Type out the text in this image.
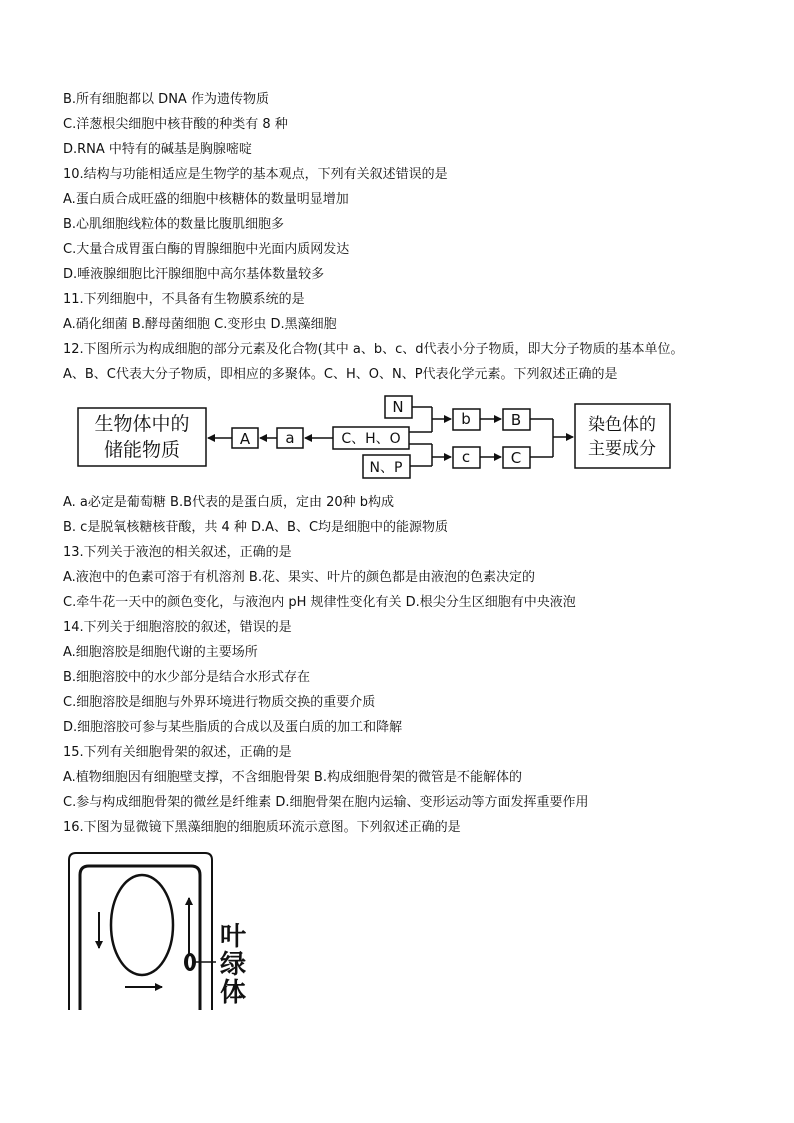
B.所有细胞都以 DNA 作为遗传物质
C.洋葱根尖细胞中核苷酸的种类有 8 种
D.RNA 中特有的碱基是胸腺嘧啶
10.结构与功能相适应是生物学的基本观点，下列有关叙述错误的是
A.蛋白质合成旺盛的细胞中核糖体的数量明显增加
B.心肌细胞线粒体的数量比腹肌细胞多
C.大量合成胃蛋白酶的胃腺细胞中光面内质网发达
D.唾液腺细胞比汗腺细胞中高尔基体数量较多
11.下列细胞中，不具备有生物膜系统的是
A.硝化细菌 B.酵母菌细胞 C.变形虫 D.黑藻细胞
12.下图所示为构成细胞的部分元素及化合物(其中 a、b、c、d代表小分子物质，即大分子物质的基本单位。
A、B、C代表大分子物质，即相应的多聚体。C、H、O、N、P代表化学元素。下列叙述正确的是
生物体中的
储能物质	A a	C、H、O
N
N、P
b	B
c	C
染色体的
主要成分
叶
绿
体
A. a必定是葡萄糖 B.B代表的是蛋白质，定由 20种 b构成
B. c是脱氧核糖核苷酸，共 4 种 D.A、B、C均是细胞中的能源物质
13.下列关于液泡的相关叙述，正确的是
A.液泡中的色素可溶于有机溶剂 B.花、果实、叶片的颜色都是由液泡的色素决定的
C.牵牛花一天中的颜色变化，与液泡内 pH 规律性变化有关 D.根尖分生区细胞有中央液泡
14.下列关于细胞溶胶的叙述，错误的是
A.细胞溶胶是细胞代谢的主要场所
B.细胞溶胶中的水少部分是结合水形式存在
C.细胞溶胶是细胞与外界环境进行物质交换的重要介质
D.细胞溶胶可参与某些脂质的合成以及蛋白质的加工和降解
15.下列有关细胞骨架的叙述，正确的是
A.植物细胞因有细胞壁支撑，不含细胞骨架 B.构成细胞骨架的微管是不能解体的
C.参与构成细胞骨架的微丝是纤维素 D.细胞骨架在胞内运输、变形运动等方面发挥重要作用
16.下图为显微镜下黑藻细胞的细胞质环流示意图。下列叙述正确的是
